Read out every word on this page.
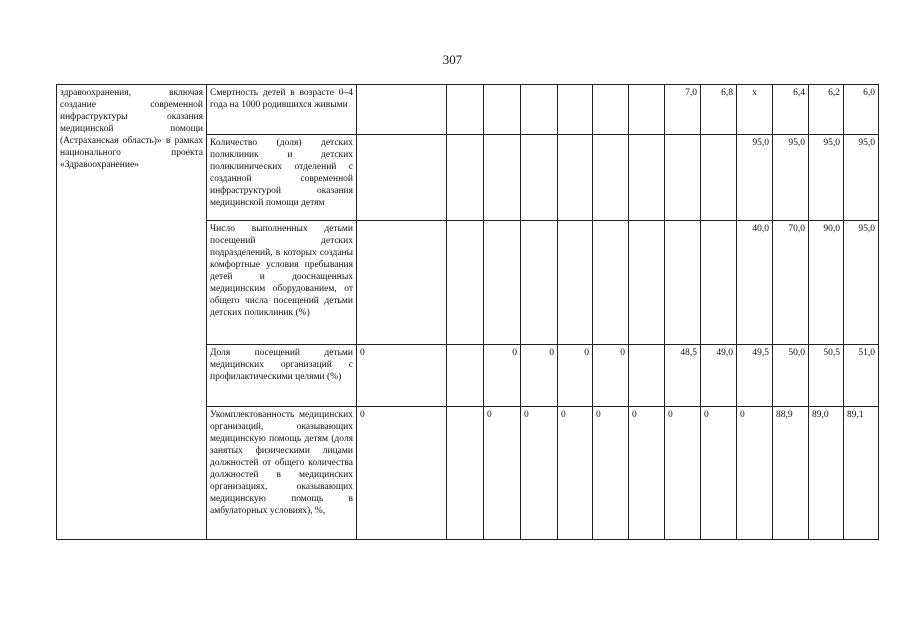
307
здравоохранения, включая создание современной инфраструктуры оказания медицинской помощи (Астраханская область)» в рамках национального проекта «Здравоохранение»	Смертность детей в возрасте 0–4 года на 1000 родившихся живыми								7,0	6,8	x	6,4	6,2	6,0
	Количество (доля) детских поликлиник и детских поликлинических отделений с созданной современной инфраструктурой оказания медицинской помощи детям										95,0	95,0	95,0	95,0
	Число выполненных детьми посещений детских подразделений, в которых созданы комфортные условия пребывания детей и дооснащенных медицинским оборудованием, от общего числа посещений детьми детских поликлиник (%)										40,0	70,0	90,0	95,0
	Доля посещений детьми медицинских организаций с профилактическими целями (%)	0		0	0	0	0		48,5	49,0	49,5	50,0	50,5	51,0
	Укомплектованность медицинских организаций, оказывающих медицинскую помощь детям (доля занятых физическими лицами должностей от общего количества должностей в медицинских организациях, оказывающих медицинскую помощь в амбулаторных условиях), %,	0		0	0	0	0	0	0	0	0	88,9	89,0	89,1
